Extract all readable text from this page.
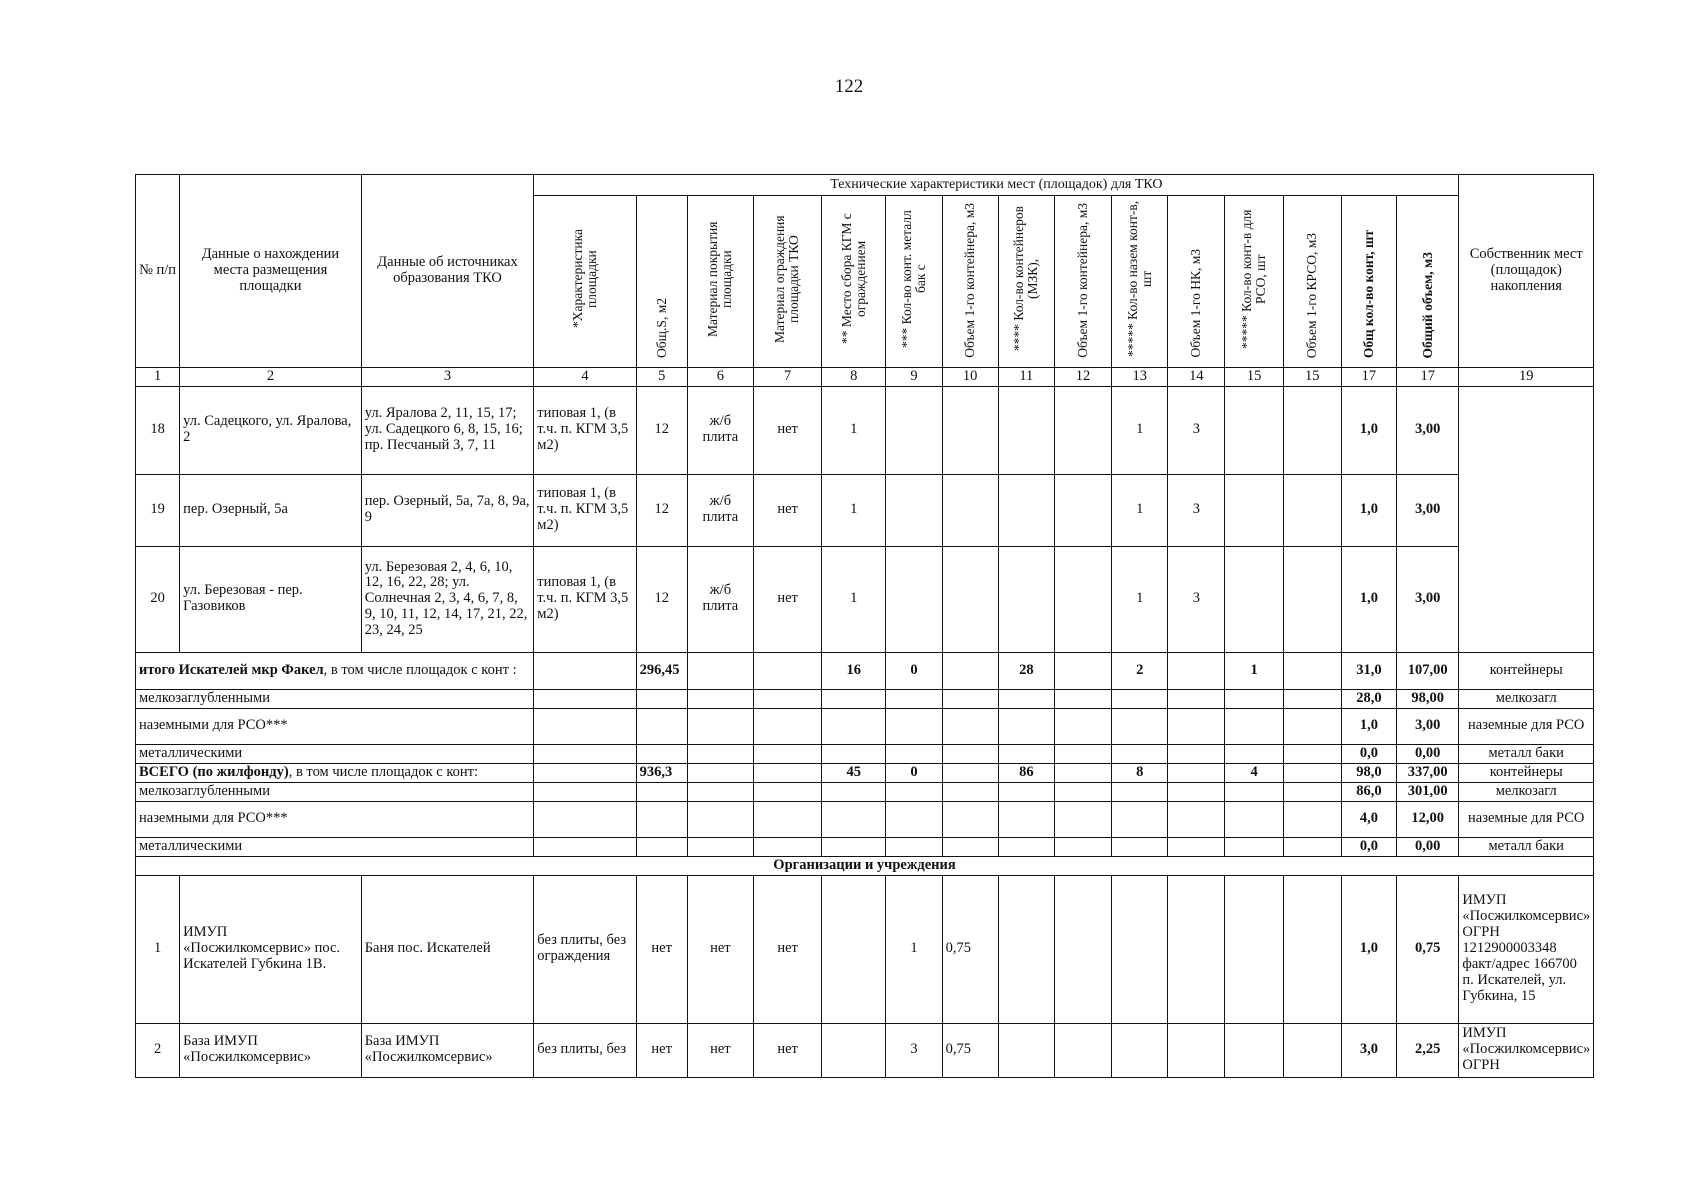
122
№ п/п	Данные о нахождении места размещения площадки	Данные об источниках образования ТКО	Технические характеристики мест (площадок) для ТКО															Собственник мест (площадок) накопления
			*Характеристика площадки	Общ.S, м2	Материал покрытия площадки	Материал ограждения площадки ТКО	** Место сбора КГМ с ограждением	*** Кол-во конт. металл бак с	Объем 1-го контейнера, м3	**** Кол-во контейнеров (МЗК),	Объем 1-го контейнера, м3	***** Кол-во назем конт-в, шт	Объем 1-го НК, м3	***** Кол-во конт-в для РСО, шт	Объем 1-го КРСО, м3	Общ кол-во конт, шт	Общий объем, м3	
1	2	3	4	5	6	7	8	9	10	11	12	13	14	15	15	17	17	19
18	ул. Садецкого, ул. Яралова, 2	ул. Яралова 2, 11, 15, 17; ул. Садецкого 6, 8, 15, 16; пр. Песчаный 3, 7, 11	типовая 1, (в т.ч. п. КГМ 3,5 м2)	12	ж/б плита	нет	1					1	3			1,0	3,00	
19	пер. Озерный, 5а	пер. Озерный, 5а, 7а, 8, 9а, 9	типовая 1, (в т.ч. п. КГМ 3,5 м2)	12	ж/б плита	нет	1					1	3			1,0	3,00	
20	ул. Березовая - пер. Газовиков	ул. Березовая 2, 4, 6, 10, 12, 16, 22, 28; ул. Солнечная 2, 3, 4, 6, 7, 8, 9, 10, 11, 12, 14, 17, 21, 22, 23, 24, 25	типовая 1, (в т.ч. п. КГМ 3,5 м2)	12	ж/б плита	нет	1					1	3			1,0	3,00	
итого Искателей мкр Факел, в том числе площадок с конт :				296,45			16	0		28		2		1		31,0	107,00	контейнеры
мелкозаглубленными																28,0	98,00	мелкозагл
наземными для РСО***																1,0	3,00	наземные для РСО
металлическими																0,0	0,00	металл баки
ВСЕГО (по жилфонду), в том числе площадок с конт:				936,3			45	0		86		8		4		98,0	337,00	контейнеры
мелкозаглубленными																86,0	301,00	мелкозагл
наземными для РСО***																4,0	12,00	наземные для РСО
металлическими																0,0	0,00	металл баки
Организации и учреждения																		
1	ИМУП «Посжилкомсервис» пос. Искателей Губкина 1В.	Баня пос. Искателей	без плиты, без ограждения	нет	нет	нет		1	0,75							1,0	0,75	ИМУП «Посжилкомсервис» ОГРН 1212900003348 факт/адрес 166700 п. Искателей, ул. Губкина, 15
2	База ИМУП «Посжилкомсервис»	База ИМУП «Посжилкомсервис»	без плиты, без	нет	нет	нет		3	0,75							3,0	2,25	ИМУП «Посжилкомсервис» ОГРН
